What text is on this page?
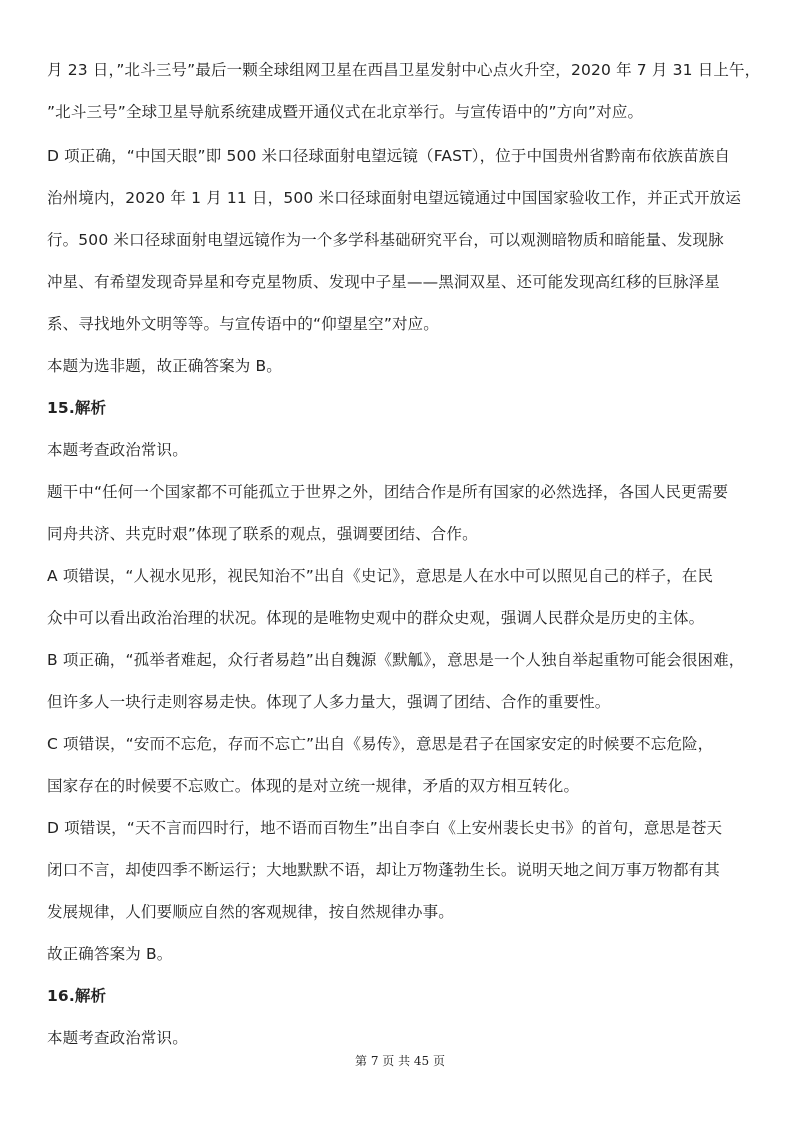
月 23 日，”北斗三号”最后一颗全球组网卫星在西昌卫星发射中心点火升空，2020 年 7 月 31 日上午，
”北斗三号”全球卫星导航系统建成暨开通仪式在北京举行。与宣传语中的”方向”对应。
D 项正确，“中国天眼”即 500 米口径球面射电望远镜（FAST），位于中国贵州省黔南布依族苗族自
治州境内，2020 年 1 月 11 日，500 米口径球面射电望远镜通过中国国家验收工作，并正式开放运
行。500 米口径球面射电望远镜作为一个多学科基础研究平台，可以观测暗物质和暗能量、发现脉
冲星、有希望发现奇异星和夸克星物质、发现中子星——黑洞双星、还可能发现高红移的巨脉泽星
系、寻找地外文明等等。与宣传语中的“仰望星空”对应。
本题为选非题，故正确答案为 B。
15.解析
本题考查政治常识。
题干中“任何一个国家都不可能孤立于世界之外，团结合作是所有国家的必然选择，各国人民更需要
同舟共济、共克时艰”体现了联系的观点，强调要团结、合作。
A 项错误，“人视水见形，视民知治不”出自《史记》，意思是人在水中可以照见自己的样子，在民
众中可以看出政治治理的状况。体现的是唯物史观中的群众史观，强调人民群众是历史的主体。
B 项正确，“孤举者难起，众行者易趋”出自魏源《默觚》，意思是一个人独自举起重物可能会很困难，
但许多人一块行走则容易走快。体现了人多力量大，强调了团结、合作的重要性。
C 项错误，“安而不忘危，存而不忘亡”出自《易传》，意思是君子在国家安定的时候要不忘危险，
国家存在的时候要不忘败亡。体现的是对立统一规律，矛盾的双方相互转化。
D 项错误，“天不言而四时行，地不语而百物生”出自李白《上安州裴长史书》的首句，意思是苍天
闭口不言，却使四季不断运行；大地默默不语，却让万物蓬勃生长。说明天地之间万事万物都有其
发展规律，人们要顺应自然的客观规律，按自然规律办事。
故正确答案为 B。
16.解析
本题考查政治常识。
第 7 页 共 45 页
